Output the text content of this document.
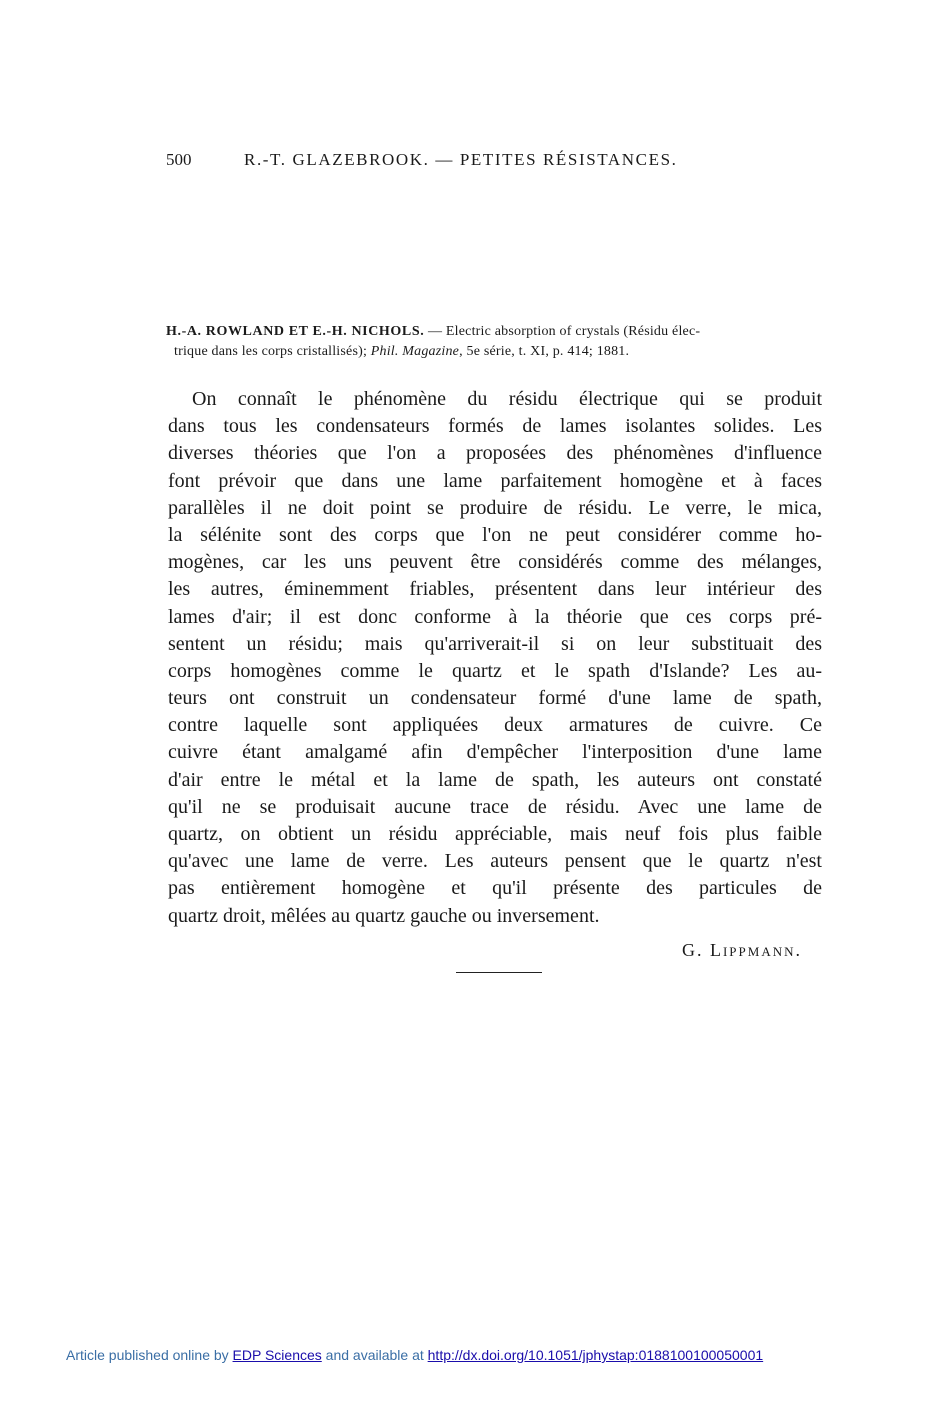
500	R.-T. GLAZEBROOK. — PETITES RÉSISTANCES.
H.-A. ROWLAND ET E.-H. NICHOLS. — Electric absorption of crystals (Résidu élec-
trique dans les corps cristallisés); Phil. Magazine, 5e série, t. XI, p. 414; 1881.
On connaît le phénomène du résidu électrique qui se produit
dans tous les condensateurs formés de lames isolantes solides. Les
diverses théories que l'on a proposées des phénomènes d'influence
font prévoir que dans une lame parfaitement homogène et à faces
parallèles il ne doit point se produire de résidu. Le verre, le mica,
la sélénite sont des corps que l'on ne peut considérer comme ho-
mogènes, car les uns peuvent être considérés comme des mélanges,
les autres, éminemment friables, présentent dans leur intérieur des
lames d'air; il est donc conforme à la théorie que ces corps pré-
sentent un résidu; mais qu'arriverait-il si on leur substituait des
corps homogènes comme le quartz et le spath d'Islande? Les au-
teurs ont construit un condensateur formé d'une lame de spath,
contre laquelle sont appliquées deux armatures de cuivre. Ce
cuivre étant amalgamé afin d'empêcher l'interposition d'une lame
d'air entre le métal et la lame de spath, les auteurs ont constaté
qu'il ne se produisait aucune trace de résidu. Avec une lame de
quartz, on obtient un résidu appréciable, mais neuf fois plus faible
qu'avec une lame de verre. Les auteurs pensent que le quartz n'est
pas entièrement homogène et qu'il présente des particules de
quartz droit, mêlées au quartz gauche ou inversement.
G. Lippmann.
Article published online by EDP Sciences and available at http://dx.doi.org/10.1051/jphystap:0188100100050001
